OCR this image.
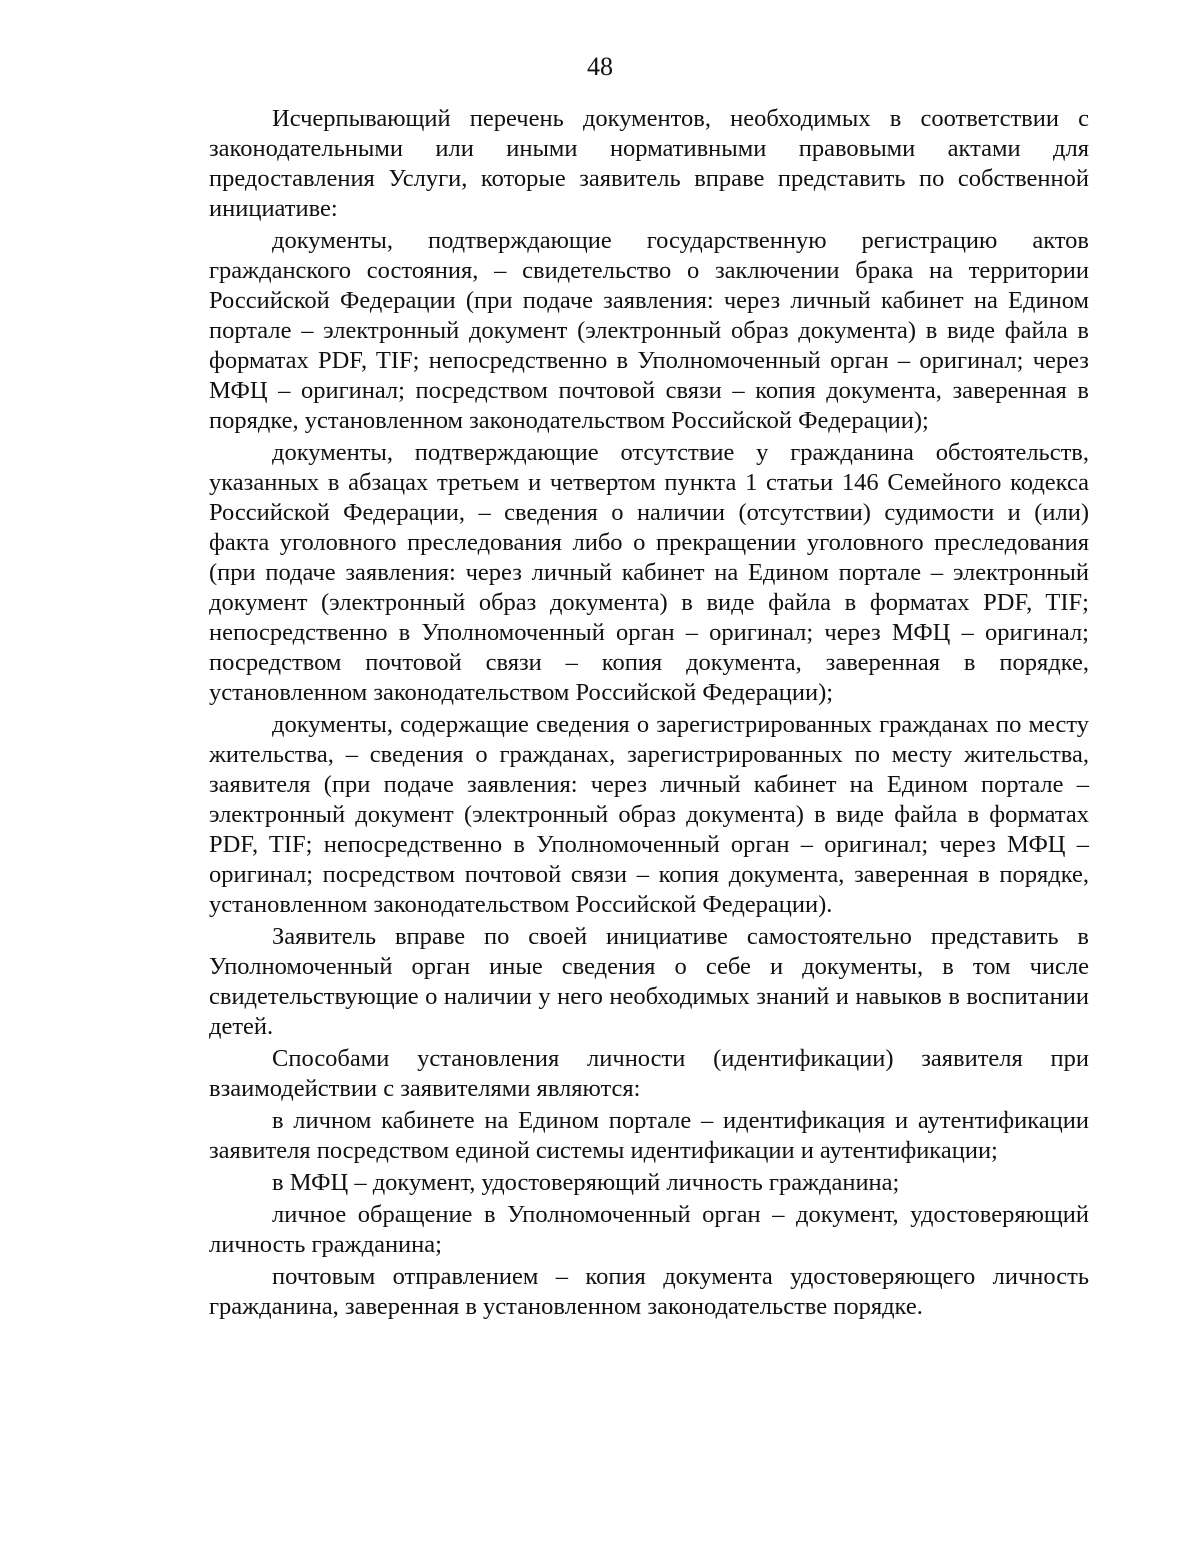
48

Исчерпывающий перечень документов, необходимых в соответствии с законодательными или иными нормативными правовыми актами для предоставления Услуги, которые заявитель вправе представить по собственной инициативе:

документы, подтверждающие государственную регистрацию актов гражданского состояния, – свидетельство о заключении брака на территории Российской Федерации (при подаче заявления: через личный кабинет на Едином портале – электронный документ (электронный образ документа) в виде файла в форматах PDF, TIF; непосредственно в Уполномоченный орган – оригинал; через МФЦ – оригинал; посредством почтовой связи – копия документа, заверенная в порядке, установленном законодательством Российской Федерации);

документы, подтверждающие отсутствие у гражданина обстоятельств, указанных в абзацах третьем и четвертом пункта 1 статьи 146 Семейного кодекса Российской Федерации, – сведения о наличии (отсутствии) судимости и (или) факта уголовного преследования либо о прекращении уголовного преследования (при подаче заявления: через личный кабинет на Едином портале – электронный документ (электронный образ документа) в виде файла в форматах PDF, TIF; непосредственно в Уполномоченный орган – оригинал; через МФЦ – оригинал; посредством почтовой связи – копия документа, заверенная в порядке, установленном законодательством Российской Федерации);

документы, содержащие сведения о зарегистрированных гражданах по месту жительства, – сведения о гражданах, зарегистрированных по месту жительства, заявителя (при подаче заявления: через личный кабинет на Едином портале – электронный документ (электронный образ документа) в виде файла в форматах PDF, TIF; непосредственно в Уполномоченный орган – оригинал; через МФЦ – оригинал; посредством почтовой связи – копия документа, заверенная в порядке, установленном законодательством Российской Федерации).

Заявитель вправе по своей инициативе самостоятельно представить в Уполномоченный орган иные сведения о себе и документы, в том числе свидетельствующие о наличии у него необходимых знаний и навыков в воспитании детей.

Способами установления личности (идентификации) заявителя при взаимодействии с заявителями являются:

в личном кабинете на Едином портале – идентификация и аутентификации заявителя посредством единой системы идентификации и аутентификации;

в МФЦ – документ, удостоверяющий личность гражданина;

личное обращение в Уполномоченный орган – документ, удостоверяющий личность гражданина;

почтовым отправлением – копия документа удостоверяющего личность гражданина, заверенная в установленном законодательстве порядке.
